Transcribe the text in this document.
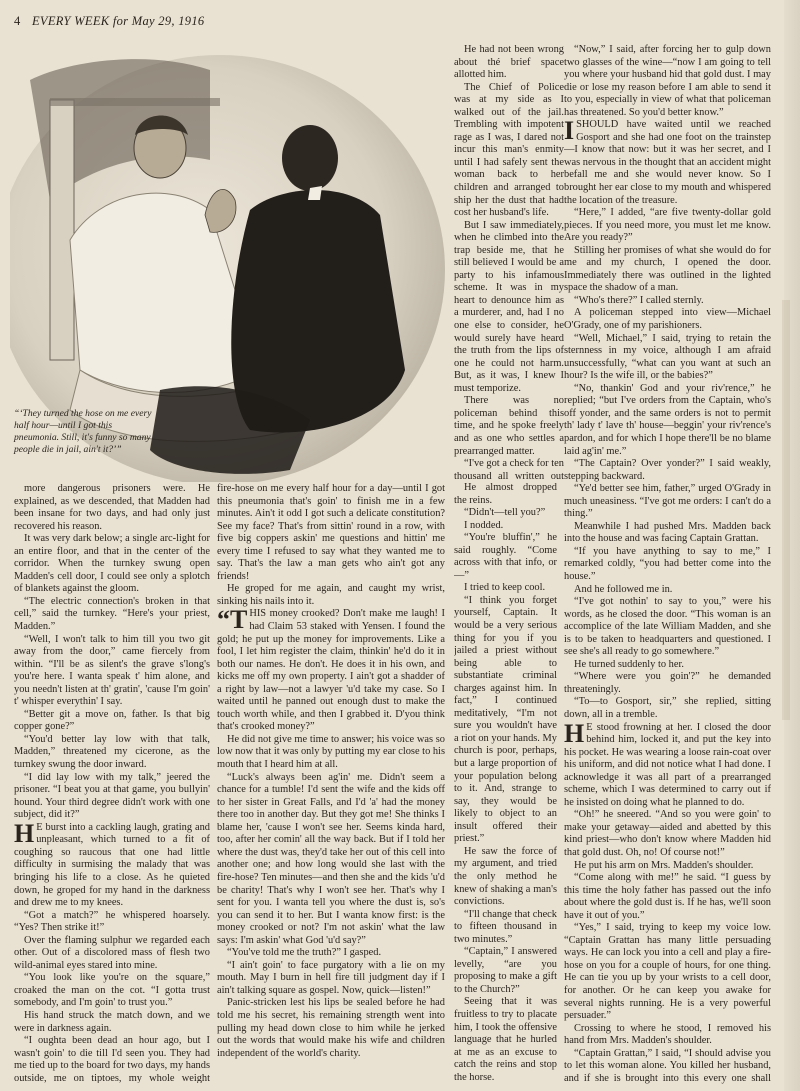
4 EVERY WEEK for May 29, 1916
“‘They turned the hose on me every half hour—until I got this pneumonia. Still, it's funny so many people die in jail, ain't it?’”

more dangerous prisoners were. He explained, as we descended, that Madden had been insane for two days, and had only just recovered his reason.

It was very dark below; a single arc-light for an entire floor, and that in the center of the corridor. When the turnkey swung open Madden's cell door, I could see only a splotch of blankets against the gloom.

“The electric connection's broken in that cell,” said the turnkey. “Here's your priest, Madden.”

“Well, I won't talk to him till you two git away from the door,” came fiercely from within. “I'll be as silent's the grave s'long's you're here. I wanta speak t' him alone, and you needn't listen at th' gratin', 'cause I'm goin' t' whisper everythin' I say.

“Better git a move on, father. Is that big copper gone?”

“You'd better lay low with that talk, Madden,” threatened my cicerone, as the turnkey swung the door inward.

“I did lay low with my talk,” jeered the prisoner. “I beat you at that game, you bullyin' hound. Your third degree didn't work with one subject, did it?”

HE burst into a cackling laugh, grating and unpleasant, which turned to a fit of coughing so raucous that one had little difficulty in surmising the malady that was bringing his life to a close. As he quieted down, he groped for my hand in the darkness and drew me to my knees.

“Got a match?” he whispered hoarsely. “Yes? Then strike it!”

Over the flaming sulphur we regarded each other. Out of a discolored mass of flesh two wild-animal eyes stared into mine.

“You look like you're on the square,” croaked the man on the cot. “I gotta trust somebody, and I'm goin' to trust you.”

His hand struck the match down, and we were in darkness again.

“I oughta been dead an hour ago, but I wasn't goin' to die till I'd seen you. They had me tied up to the board for two days, my hands outside, me on tiptoes, my whole weight

fire-hose on me every half hour for a day—until I got this pneumonia that's goin' to finish me in a few minutes. Ain't it odd I got such a delicate constitution? See my face? That's from sittin' round in a row, with five big coppers askin' me questions and hittin' me every time I refused to say what they wanted me to say. That's the law a man gets who ain't got any friends!

He groped for me again, and caught my wrist, sinking his nails into it.

“THIS money crooked? Don't make me laugh! I had Claim 53 staked with Yensen. I found the gold; he put up the money for improvements. Like a fool, I let him register the claim, thinkin' he'd do it in both our names. He don't. He does it in his own, and kicks me off my own property. I ain't got a shadder of a right by law—not a lawyer 'u'd take my case. So I waited until he panned out enough dust to make the touch worth while, and then I grabbed it. D'you think that's crooked money?”

He did not give me time to answer; his voice was so low now that it was only by putting my ear close to his mouth that I heard him at all.

“Luck's always been ag'in' me. Didn't seem a chance for a tumble! I'd sent the wife and the kids off to her sister in Great Falls, and I'd 'a' had the money there too in another day. But they got me! She thinks I blame her, 'cause I won't see her. Seems kinda hard, too, after her comin' all the way back. But if I told her where the dust was, they'd take her out of this cell into another one; and how long would she last with the fire-hose? Ten minutes—and then she and the kids 'u'd be charity! That's why I won't see her. That's why I sent for you. I wanta tell you where the dust is, so's you can send it to her. But I wanta know first: is the money crooked or not? I'm not askin' what the law says: I'm askin' what God 'u'd say?”

“You've told me the truth?” I gasped.

“I ain't goin' to face purgatory with a lie on my mouth. May I burn in hell fire till judgment day if I ain't talking square as gospel. Now, quick—listen!”

Panic-stricken lest his lips be sealed before he had told me his secret, his remaining strength went into pulling my head down close to him while he jerked out the words that would make his wife and children independent of the world's charity.

He had not been wrong about thé brief space allotted him.

The Chief of Police was at my side as I walked out of the jail. Trembling with impotent rage as I was, I dared not incur this man's enmity until I had safely sent the woman back to her children and arranged to ship her the dust that had cost her husband's life.

But I saw immediately, when he climbed into the trap beside me, that he still believed I would be a party to his infamous scheme. It was in my heart to denounce him as a murderer, and, had I no one else to consider, he would surely have heard the truth from the lips of one he could not harm. But, as it was, I knew I must temporize.

There was no policeman behind this time, and he spoke freely and as one who settles a prearranged matter.

“I've got a check for ten thousand all written out

He almost dropped the reins.

“Didn't—tell you?”

I nodded.

“You're bluffin',” he said roughly. “Come across with that info, or—”

I tried to keep cool.

“I think you forget yourself, Captain. It would be a very serious thing for you if you jailed a priest without being able to substantiate criminal charges against him. In fact,” I continued meditatively, “I'm not sure you wouldn't have a riot on your hands. My church is poor, perhaps, but a large proportion of your population belong to it. And, strange to say, they would be likely to object to an insult offered their priest.”

He saw the force of my argument, and tried the only method he knew of shaking a man's convictions.

“I'll change that check to fifteen thousand in two minutes.”

“Captain,” I answered levelly, “are you proposing to make a gift to the Church?”

Seeing that it was fruitless to try to placate him, I took the offensive language that he hurled at me as an excuse to catch the reins and stop the horse.

“Now,” I said, after forcing her to gulp down two glasses of the wine—“now I am going to tell you where your husband hid that gold dust. I may die or lose my reason before I am able to send it to you, especially in view of what that policeman has threatened. So you'd better know.”

ISHOULD have waited until we reached Gosport and she had one foot on the trainstep—I know that now: but it was her secret, and I was nervous in the thought that an accident might befall me and she would never know. So I brought her ear close to my mouth and whispered the location of the treasure.

“Here,” I added, “are five twenty-dollar gold pieces. If you need more, you must let me know. Are you ready?”

Stilling her promises of what she would do for me and my church, I opened the door. Immediately there was outlined in the lighted space the shadow of a man.

“Who's there?” I called sternly.

A policeman stepped into view—Michael O'Grady, one of my parishioners.

“Well, Michael,” I said, trying to retain the sternness in my voice, although I am afraid unsuccessfully, “what can you want at such an hour? Is the wife ill, or the babies?”

“No, thankin' God and your riv'rence,” he replied; “but I've orders from the Captain, who's off yonder, and the same orders is not to permit th' lady t' lave th' house—beggin' your riv'rence's pardon, and for which I hope there'll be no blame laid ag'in' me.”

“The Captain? Over yonder?” I said weakly, stepping backward.

“Ye'd better see him, father,” urged O'Grady in much uneasiness. “I've got me orders: I can't do a thing.”

Meanwhile I had pushed Mrs. Madden back into the house and was facing Captain Grattan.

“If you have anything to say to me,” I remarked coldly, “you had better come into the house.”

And he followed me in.

“I've got nothin' to say to you,” were his words, as he closed the door. “This woman is an accomplice of the late William Madden, and she is to be taken to headquarters and questioned. I see she's all ready to go somewhere.”

He turned suddenly to her.

“Where were you goin'?” he demanded threateningly.

“To—to Gosport, sir,” she replied, sitting down, all in a tremble.

HE stood frowning at her. I closed the door behind him, locked it, and put the key into his pocket. He was wearing a loose rain-coat over his uniform, and did not notice what I had done. I acknowledge it was all part of a prearranged scheme, which I was determined to carry out if he insisted on doing what he planned to do.

“Oh!” he sneered. “And so you were goin' to make your getaway—aided and abetted by this kind priest—who don't know where Madden hid that gold dust. Oh, no! Of course not!”

He put his arm on Mrs. Madden's shoulder.

“Come along with me!” he said. “I guess by this time the holy father has passed out the info about where the gold dust is. If he has, we'll soon have it out of you.”

“Yes,” I said, trying to keep my voice low. “Captain Grattan has many little persuading ways. He can lock you into a cell and play a fire-hose on you for a couple of hours, for one thing. He can tie you up by your wrists to a cell door, for another. Or he can keep you awake for several nights running. He is a very powerful persuader.”

Crossing to where he stood, I removed his hand from Mrs. Madden's shoulder.

“Captain Grattan,” I said, “I should advise you to let this woman alone. You killed her husband, and if she is brought into this every one shall
